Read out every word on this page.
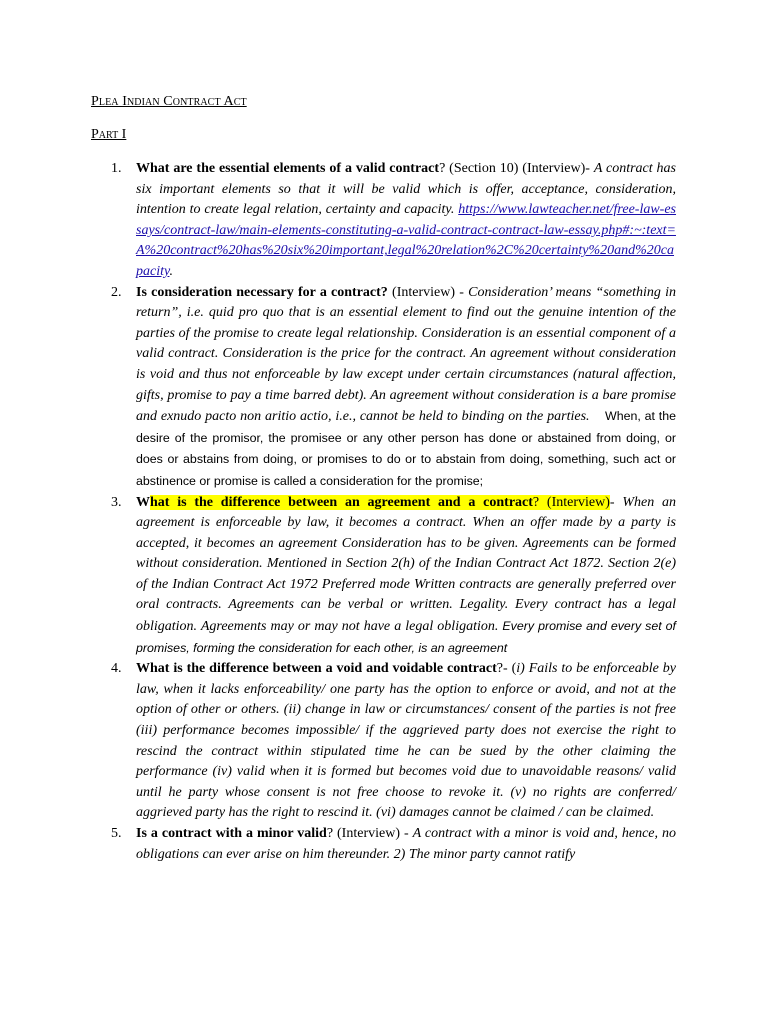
Plea Indian Contract Act
Part I
1. What are the essential elements of a valid contract? (Section 10) (Interview)- A contract has six important elements so that it will be valid which is offer, acceptance, consideration, intention to create legal relation, certainty and capacity. https://www.lawteacher.net/free-law-essays/contract-law/main-elements-constituting-a-valid-contract-contract-law-essay.php#:~:text=A%20contract%20has%20six%20important,legal%20relation%2C%20certainty%20and%20capacity.
2. Is consideration necessary for a contract? (Interview) - Consideration’ means “something in return”, i.e. quid pro quo that is an essential element to find out the genuine intention of the parties of the promise to create legal relationship. Consideration is an essential component of a valid contract. Consideration is the price for the contract. An agreement without consideration is void and thus not enforceable by law except under certain circumstances (natural affection, gifts, promise to pay a time barred debt). An agreement without consideration is a bare promise and exnudo pacto non aritio actio, i.e., cannot be held to binding on the parties. When, at the desire of the promisor, the promisee or any other person has done or abstained from doing, or does or abstains from doing, or promises to do or to abstain from doing, something, such act or abstinence or promise is called a consideration for the promise;
3. What is the difference between an agreement and a contract? (Interview)- When an agreement is enforceable by law, it becomes a contract. When an offer made by a party is accepted, it becomes an agreement Consideration has to be given. Agreements can be formed without consideration. Mentioned in Section 2(h) of the Indian Contract Act 1872. Section 2(e) of the Indian Contract Act 1972 Preferred mode Written contracts are generally preferred over oral contracts. Agreements can be verbal or written. Legality. Every contract has a legal obligation. Agreements may or may not have a legal obligation. Every promise and every set of promises, forming the consideration for each other, is an agreement
4. What is the difference between a void and voidable contract?- (i) Fails to be enforceable by law, when it lacks enforceability/ one party has the option to enforce or avoid, and not at the option of other or others. (ii) change in law or circumstances/ consent of the parties is not free (iii) performance becomes impossible/ if the aggrieved party does not exercise the right to rescind the contract within stipulated time he can be sued by the other claiming the performance (iv) valid when it is formed but becomes void due to unavoidable reasons/ valid until he party whose consent is not free choose to revoke it. (v) no rights are conferred/ aggrieved party has the right to rescind it. (vi) damages cannot be claimed / can be claimed.
5. Is a contract with a minor valid? (Interview) - A contract with a minor is void and, hence, no obligations can ever arise on him thereunder. 2) The minor party cannot ratify
